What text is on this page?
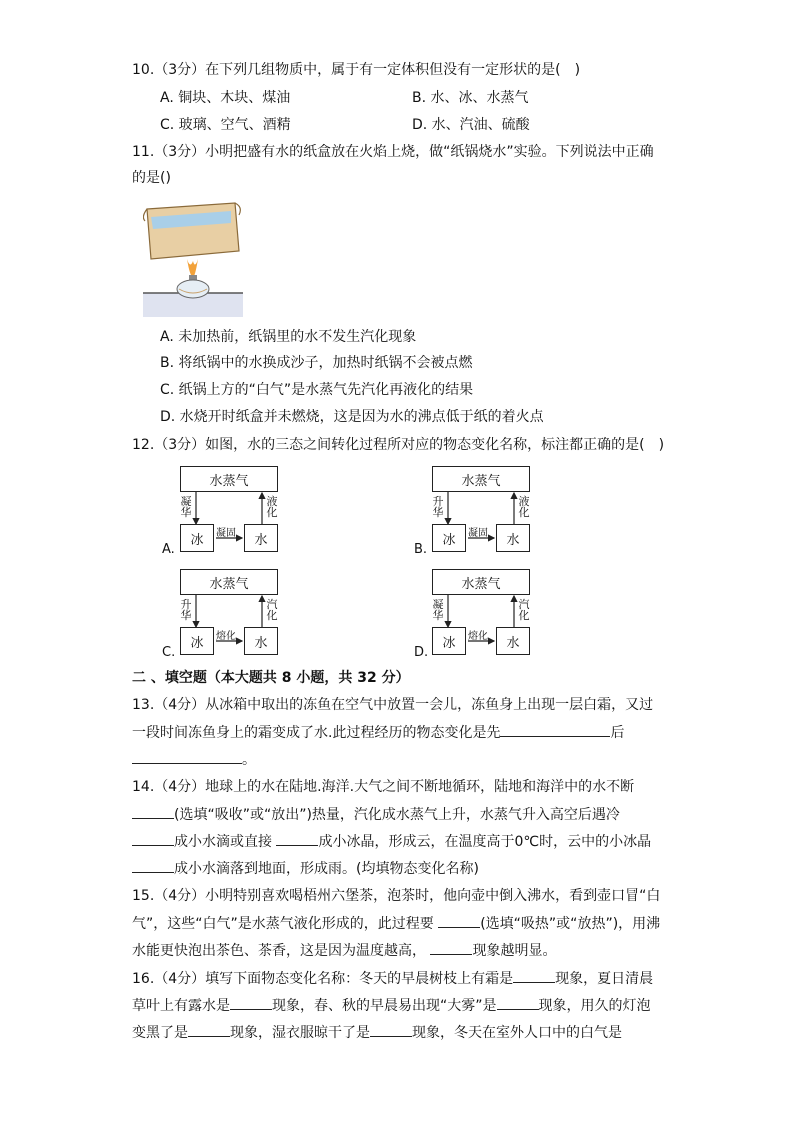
10.（3分）在下列几组物质中，属于有一定体积但没有一定形状的是(　)
A. 铜块、木块、煤油	B. 水、冰、水蒸气
C. 玻璃、空气、酒精	D. 水、汽油、硫酸
11.（3分）小明把盛有水的纸盒放在火焰上烧，做“纸锅烧水”实验。下列说法中正确
的是()
A. 未加热前，纸锅里的水不发生汽化现象
B. 将纸锅中的水换成沙子，加热时纸锅不会被点燃
C. 纸锅上方的“白气”是水蒸气先汽化再液化的结果
D. 水烧开时纸盒并未燃烧，这是因为水的沸点低于纸的着火点
12.（3分）如图，水的三态之间转化过程所对应的物态变化名称，标注都正确的是(　)
水蒸气
冰	水
凝华
液化
凝固
A.
水蒸气
冰	水
升华
液化
凝固
B.
水蒸气
冰	水
升华
汽化
熔化
C.
水蒸气
冰	水
凝华
汽化
熔化
D.
二 、填空题（本大题共 8 小题，共 32 分）
13.（4分）从冰箱中取出的冻鱼在空气中放置一会儿，冻鱼身上出现一层白霜，又过
一段时间冻鱼身上的霜变成了水.此过程经历的物态变化是先	后
。
14.（4分）地球上的水在陆地.海洋.大气之间不断地循环，陆地和海洋中的水不断
(选填“吸收”或“放出”)热量，汽化成水蒸气上升，水蒸气升入高空后遇冷
成小水滴或直接	成小冰晶，形成云，在温度高于0℃时，云中的小冰晶
成小水滴落到地面，形成雨。(均填物态变化名称)
15.（4分）小明特别喜欢喝梧州六堡茶，泡茶时，他向壶中倒入沸水，看到壶口冒“白
气”，这些“白气”是水蒸气液化形成的，此过程要	(选填“吸热”或“放热”)，用沸
水能更快泡出茶色、茶香，这是因为温度越高，	现象越明显。
16.（4分）填写下面物态变化名称：冬天的早晨树枝上有霜是	现象，夏日清晨
草叶上有露水是	现象，春、秋的早晨易出现“大雾”是	现象，用久的灯泡
变黑了是	现象，湿衣服晾干了是	现象，冬天在室外人口中的白气是
